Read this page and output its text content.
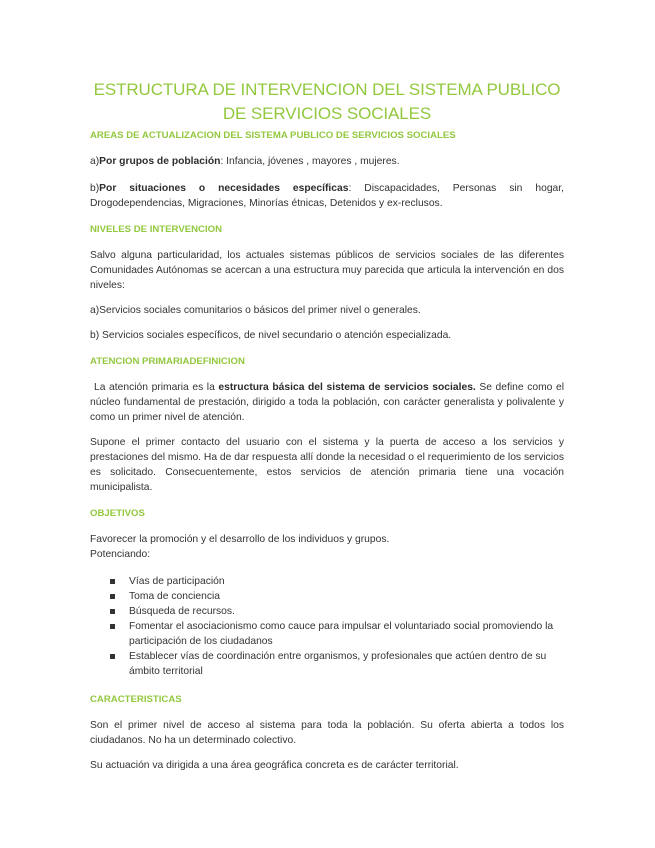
ESTRUCTURA DE INTERVENCION DEL SISTEMA PUBLICO DE SERVICIOS SOCIALES
AREAS DE ACTUALIZACION DEL SISTEMA PUBLICO DE SERVICIOS SOCIALES

a)Por grupos de población: Infancia, jóvenes , mayores , mujeres.

b)Por situaciones o necesidades específicas: Discapacidades, Personas sin hogar, Drogodependencias, Migraciones, Minorías étnicas, Detenidos y ex-reclusos.

NIVELES DE INTERVENCION

Salvo alguna particularidad, los actuales sistemas públicos de servicios sociales de las diferentes Comunidades Autónomas se acercan a una estructura muy parecida que articula la intervención en dos niveles:

a)Servicios sociales comunitarios o básicos del primer nivel o generales.

b) Servicios sociales específicos, de nivel secundario o atención especializada.

ATENCION PRIMARIADEFINICION

La atención primaria es la estructura básica del sistema de servicios sociales. Se define como el núcleo fundamental de prestación, dirigido a toda la población, con carácter generalista y polivalente y como un primer nivel de atención.

Supone el primer contacto del usuario con el sistema y la puerta de acceso a los servicios y prestaciones del mismo. Ha de dar respuesta allí donde la necesidad o el requerimiento de los servicios es solicitado. Consecuentemente, estos servicios de atención primaria tiene una vocación municipalista.

OBJETIVOS

Favorecer la promoción y el desarrollo de los individuos y grupos.

Potenciando:

Vías de participación
Toma de conciencia
Búsqueda de recursos.
Fomentar el asociacionismo como cauce para impulsar el voluntariado social promoviendo la participación de los ciudadanos
Establecer vías de coordinación entre organismos, y profesionales que actúen dentro de su ámbito territorial
CARACTERISTICAS

Son el primer nivel de acceso al sistema para toda la población. Su oferta abierta a todos los ciudadanos. No ha un determinado colectivo.

Su actuación va dirigida a una área geográfica concreta es de carácter territorial.
